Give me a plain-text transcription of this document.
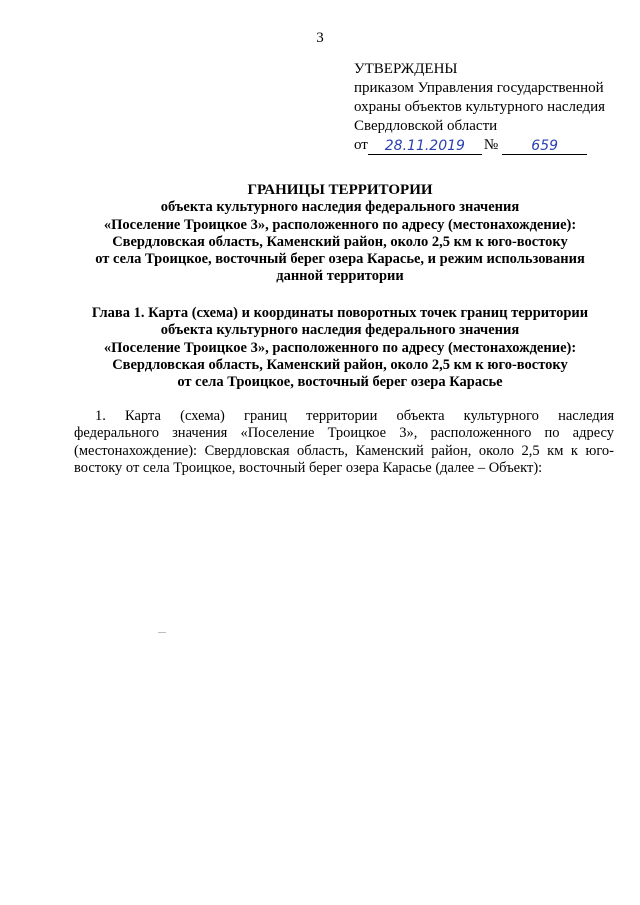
3
УТВЕРЖДЕНЫ
приказом Управления государственной
охраны объектов культурного наследия
Свердловской области
от	28.11.2019	№	659
ГРАНИЦЫ ТЕРРИТОРИИ
объекта культурного наследия федерального значения
«Поселение Троицкое 3», расположенного по адресу (местонахождение):
Свердловская область, Каменский район, около 2,5 км к юго-востоку
от села Троицкое, восточный берег озера Карасье, и режим использования
данной территории
Глава 1. Карта (схема) и координаты поворотных точек границ территории
объекта культурного наследия федерального значения
«Поселение Троицкое 3», расположенного по адресу (местонахождение):
Свердловская область, Каменский район, около 2,5 км к юго-востоку
от села Троицкое, восточный берег озера Карасье
1. Карта (схема) границ территории объекта культурного наследия
федерального значения «Поселение Троицкое 3», расположенного по адресу
(местонахождение): Свердловская область, Каменский район, около 2,5 км к юго-
востоку от села Троицкое, восточный берег озера Карасье (далее – Объект):
